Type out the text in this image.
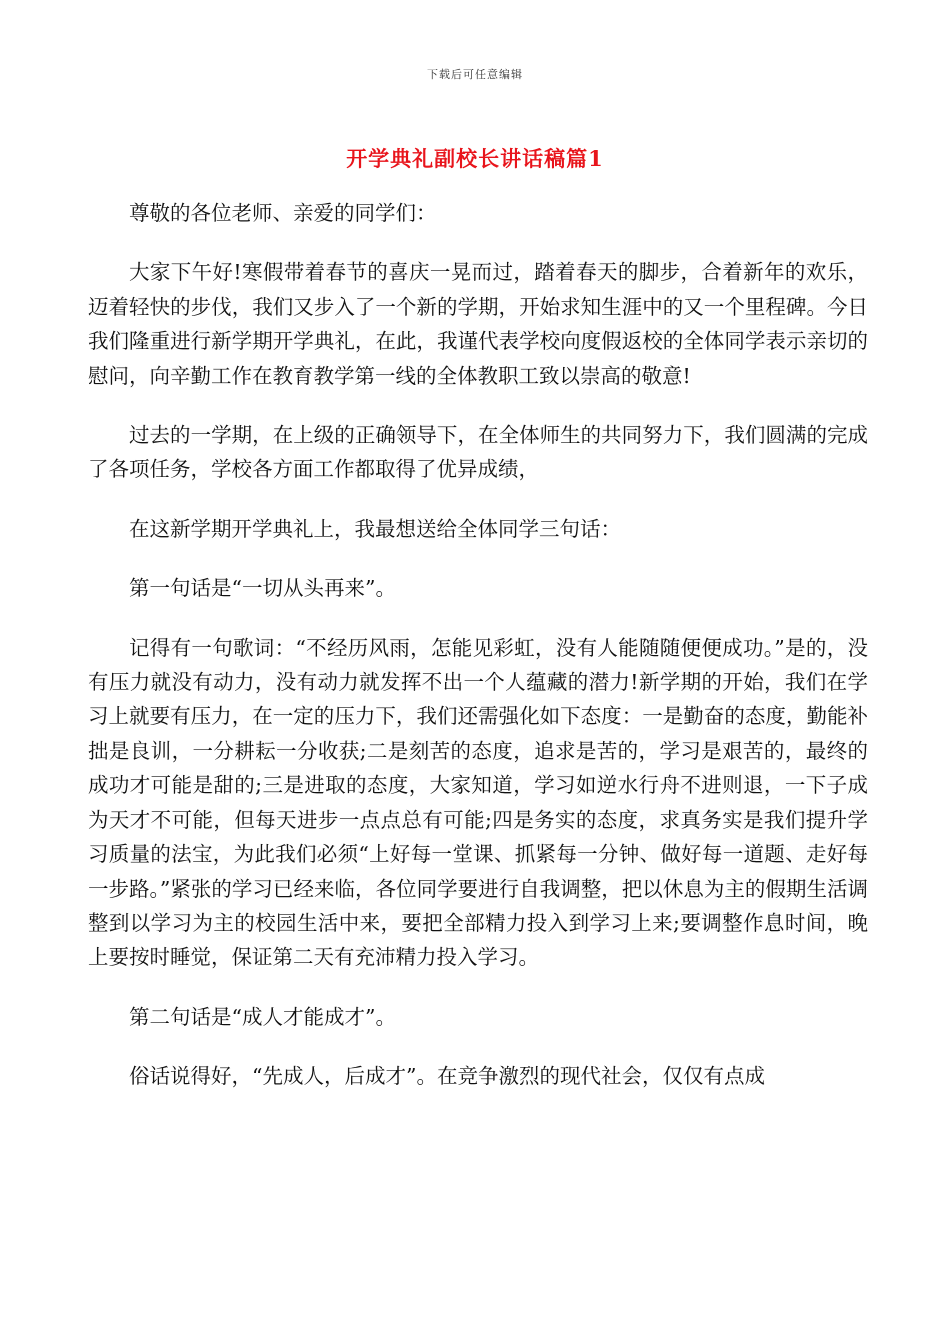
下载后可任意编辑
开学典礼副校长讲话稿篇1

尊敬的各位老师、亲爱的同学们：

大家下午好!寒假带着春节的喜庆一晃而过，踏着春天的脚步，合着新年的欢乐，迈着轻快的步伐，我们又步入了一个新的学期，开始求知生涯中的又一个里程碑。今日我们隆重进行新学期开学典礼，在此，我谨代表学校向度假返校的全体同学表示亲切的慰问，向辛勤工作在教育教学第一线的全体教职工致以崇高的敬意!

过去的一学期，在上级的正确领导下，在全体师生的共同努力下，我们圆满的完成了各项任务，学校各方面工作都取得了优异成绩，

在这新学期开学典礼上，我最想送给全体同学三句话：

第一句话是“一切从头再来”。

记得有一句歌词：“不经历风雨，怎能见彩虹，没有人能随随便便成功。”是的，没有压力就没有动力，没有动力就发挥不出一个人蕴藏的潜力!新学期的开始，我们在学习上就要有压力，在一定的压力下，我们还需强化如下态度：一是勤奋的态度，勤能补拙是良训，一分耕耘一分收获;二是刻苦的态度，追求是苦的，学习是艰苦的，最终的成功才可能是甜的;三是进取的态度，大家知道，学习如逆水行舟不进则退，一下子成为天才不可能，但每天进步一点点总有可能;四是务实的态度，求真务实是我们提升学习质量的法宝，为此我们必须“上好每一堂课、抓紧每一分钟、做好每一道题、走好每一步路。”紧张的学习已经来临，各位同学要进行自我调整，把以休息为主的假期生活调整到以学习为主的校园生活中来，要把全部精力投入到学习上来;要调整作息时间，晚上要按时睡觉，保证第二天有充沛精力投入学习。

第二句话是“成人才能成才”。

俗话说得好，“先成人，后成才”。在竞争激烈的现代社会，仅仅有点成
